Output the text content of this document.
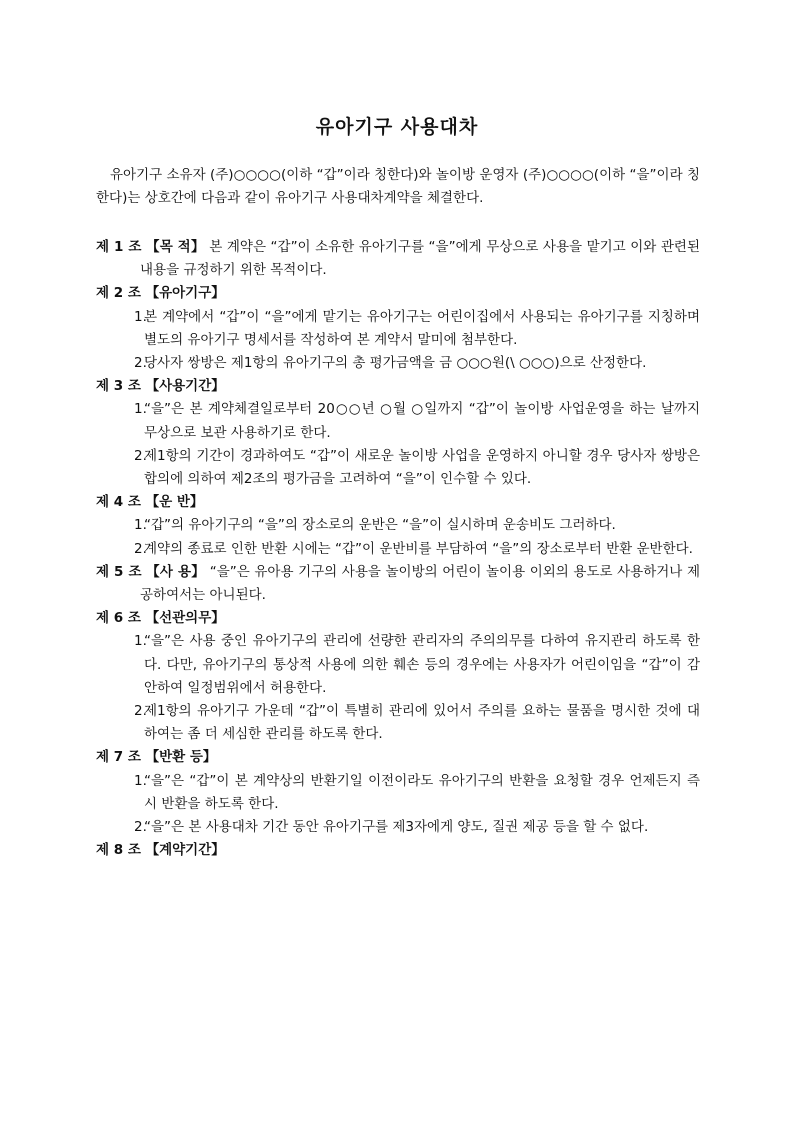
유아기구 사용대차

유아기구 소유자 (주)○○○○(이하 “갑”이라 칭한다)와 놀이방 운영자 (주)○○○○(이하 “을”이라 칭한다)는 상호간에 다음과 같이 유아기구 사용대차계약을 체결한다.

제 1 조 【목 적】 본 계약은 “갑”이 소유한 유아기구를 “을”에게 무상으로 사용을 맡기고 이와 관련된 내용을 규정하기 위한 목적이다.
제 2 조 【유아기구】
1.
본 계약에서 “갑”이 “을”에게 맡기는 유아기구는 어린이집에서 사용되는 유아기구를 지칭하며 별도의 유아기구 명세서를 작성하여 본 계약서 말미에 첨부한다.
2.
당사자 쌍방은 제1항의 유아기구의 총 평가금액을 금 ○○○원(\ ○○○)으로 산정한다.
제 3 조 【사용기간】
1.
“을”은 본 계약체결일로부터 20○○년 ○월 ○일까지 “갑”이 놀이방 사업운영을 하는 날까지 무상으로 보관 사용하기로 한다.
2.
제1항의 기간이 경과하여도 “갑”이 새로운 놀이방 사업을 운영하지 아니할 경우 당사자 쌍방은 합의에 의하여 제2조의 평가금을 고려하여 “을”이 인수할 수 있다.
제 4 조 【운 반】
1.
“갑”의 유아기구의 “을”의 장소로의 운반은 “을”이 실시하며 운송비도 그러하다.
2.
계약의 종료로 인한 반환 시에는 “갑”이 운반비를 부담하여 “을”의 장소로부터 반환 운반한다.
제 5 조 【사 용】 “을”은 유아용 기구의 사용을 놀이방의 어린이 놀이용 이외의 용도로 사용하거나 제공하여서는 아니된다.
제 6 조 【선관의무】
1.
“을”은 사용 중인 유아기구의 관리에 선량한 관리자의 주의의무를 다하여 유지관리 하도록 한다. 다만, 유아기구의 통상적 사용에 의한 훼손 등의 경우에는 사용자가 어린이임을 “갑”이 감안하여 일정범위에서 허용한다.
2.
제1항의 유아기구 가운데 “갑”이 특별히 관리에 있어서 주의를 요하는 물품을 명시한 것에 대하여는 좀 더 세심한 관리를 하도록 한다.
제 7 조 【반환 등】
1.
“을”은 “갑”이 본 계약상의 반환기일 이전이라도 유아기구의 반환을 요청할 경우 언제든지 즉시 반환을 하도록 한다.
2.
“을”은 본 사용대차 기간 동안 유아기구를 제3자에게 양도, 질권 제공 등을 할 수 없다.
제 8 조 【계약기간】
